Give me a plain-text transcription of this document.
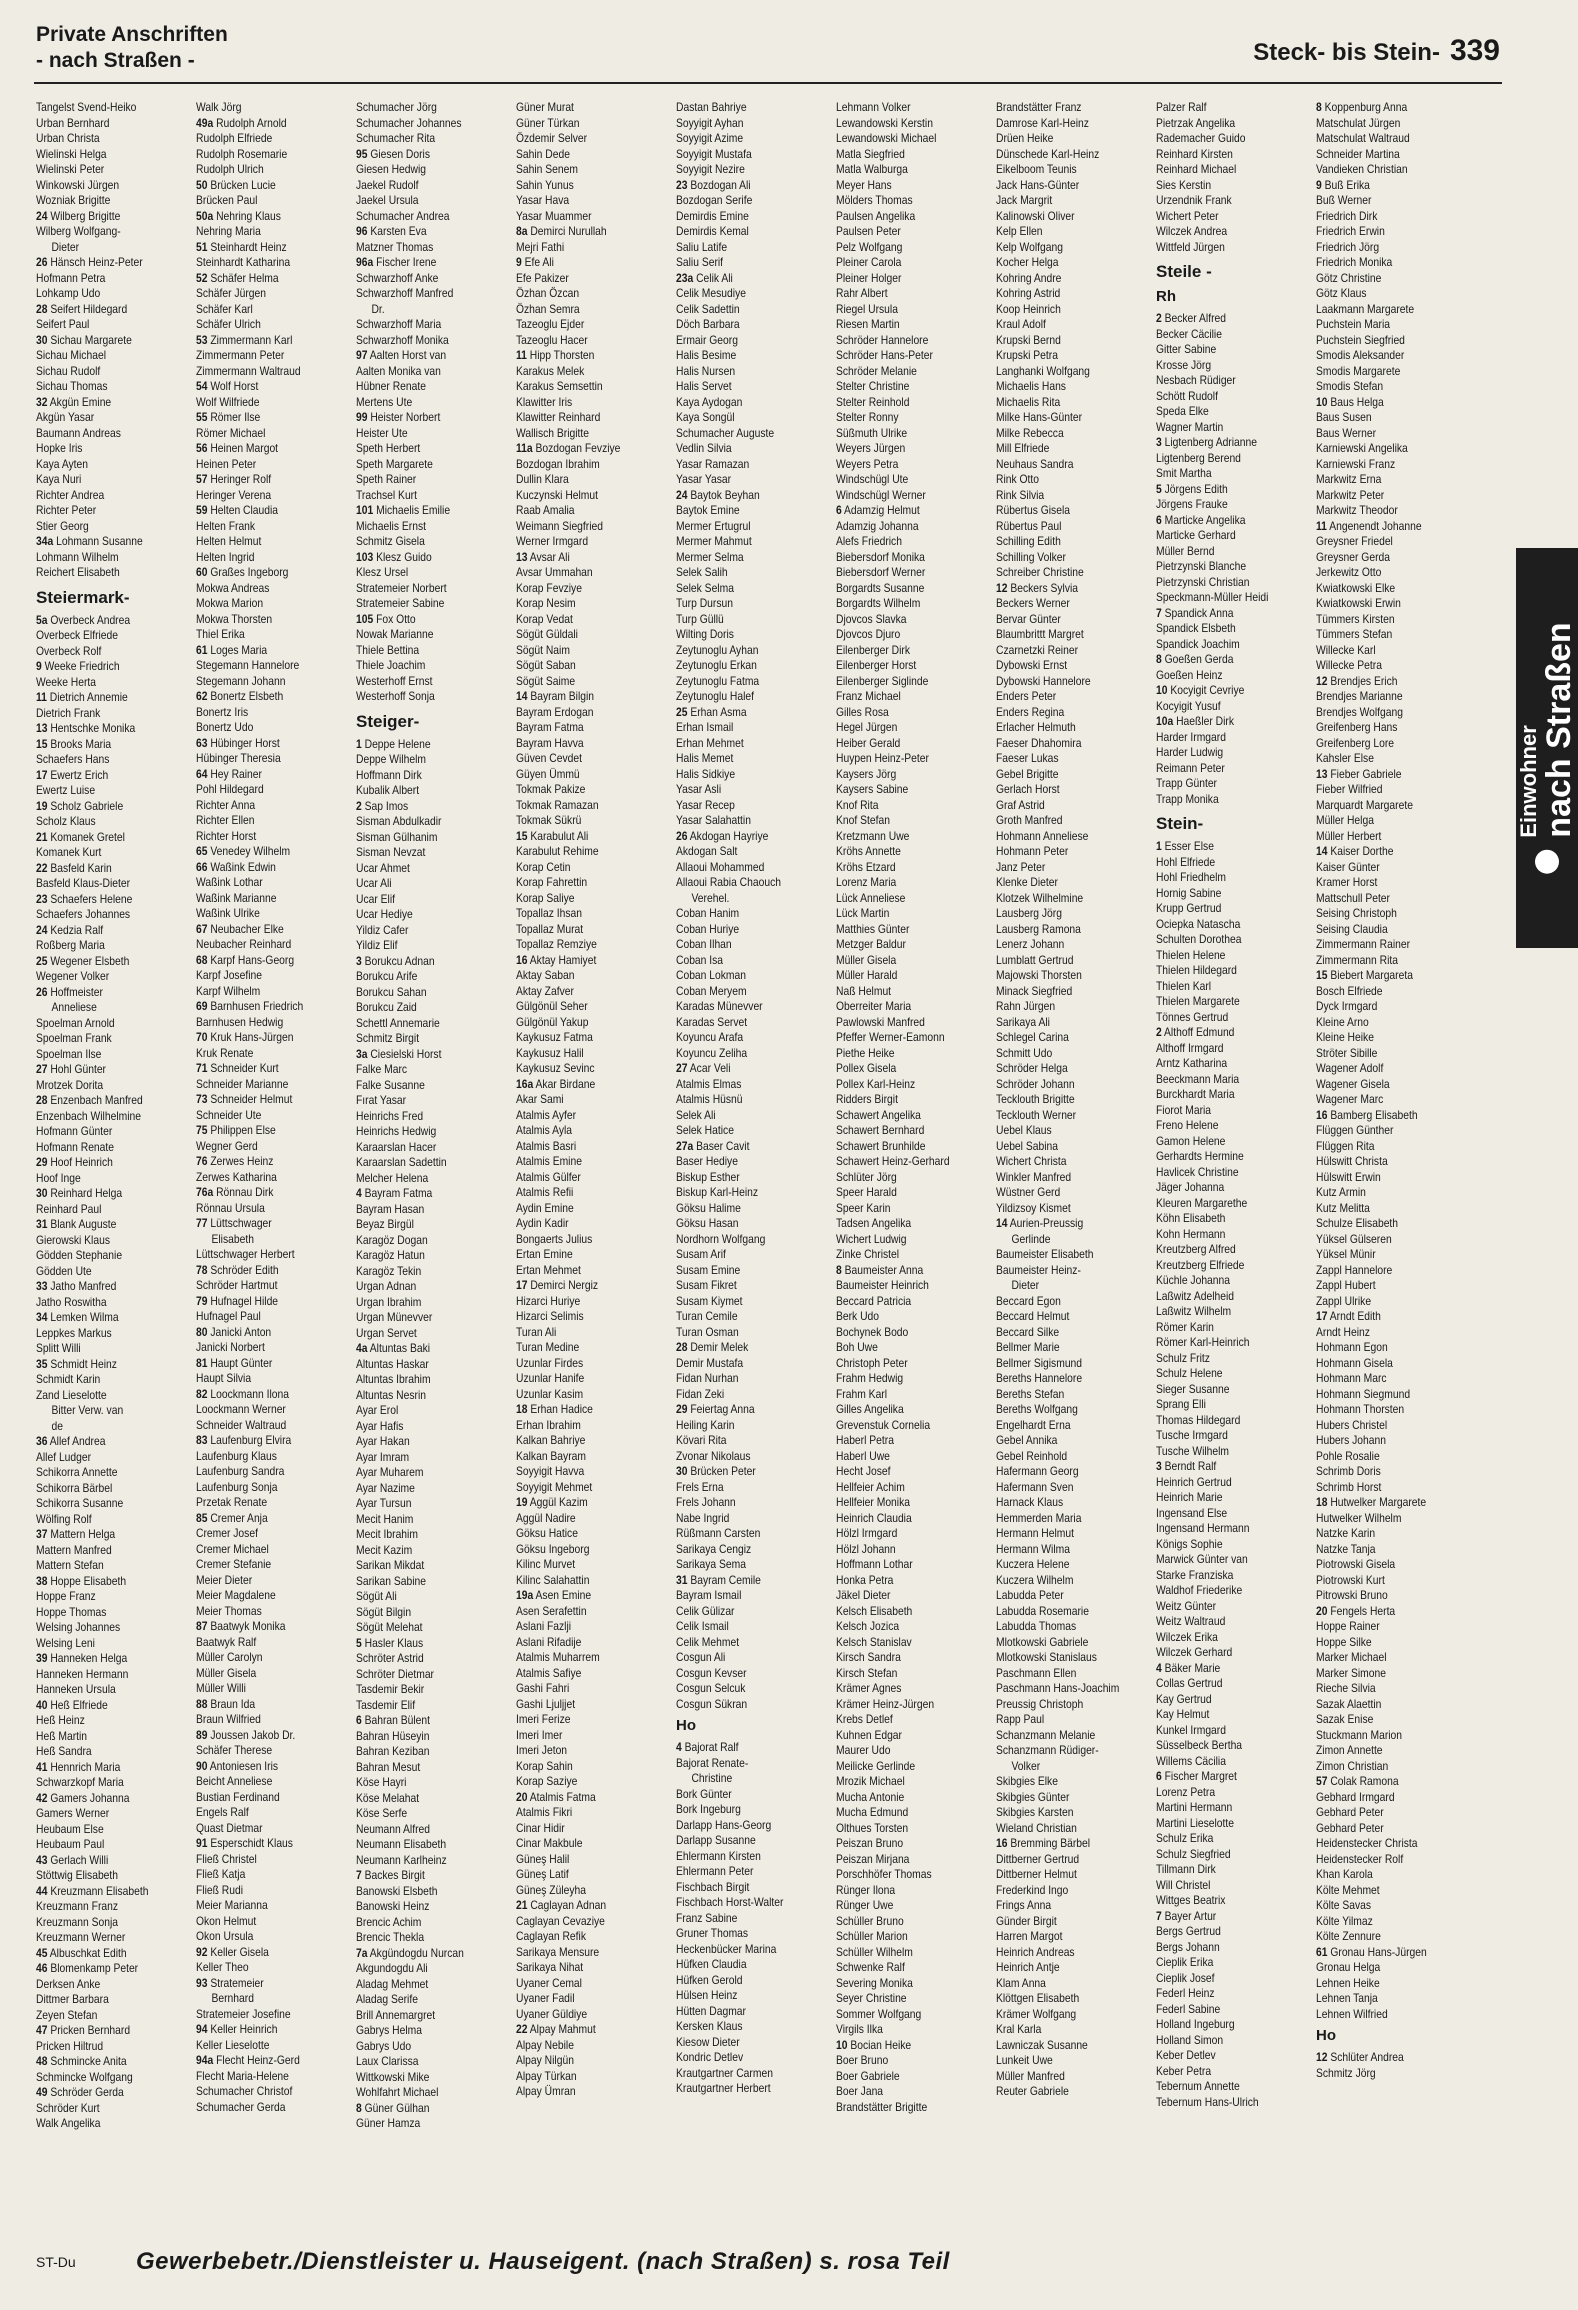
Private Anschriften
- nach Straßen -	Steck- bis Stein- 339
Tangelst Svend-Heiko
Urban Bernhard
Urban Christa
Wielinski Helga
Wielinski Peter
Winkowski Jürgen
Wozniak Brigitte
24 Wilberg Brigitte
Wilberg Wolfgang-
Dieter
26 Hänsch Heinz-Peter
Hofmann Petra
Lohkamp Udo
28 Seifert Hildegard
Seifert Paul
30 Sichau Margarete
Sichau Michael
Sichau Rudolf
Sichau Thomas
32 Akgün Emine
Akgün Yasar
Baumann Andreas
Hopke Iris
Kaya Ayten
Kaya Nuri
Richter Andrea
Richter Peter
Stier Georg
34a Lohmann Susanne
Lohmann Wilhelm
Reichert Elisabeth
Steiermark-
5a Overbeck Andrea
Overbeck Elfriede
Overbeck Rolf
9 Weeke Friedrich
Weeke Herta
11 Dietrich Annemie
Dietrich Frank
13 Hentschke Monika
15 Brooks Maria
Schaefers Hans
17 Ewertz Erich
Ewertz Luise
19 Scholz Gabriele
Scholz Klaus
21 Komanek Gretel
Komanek Kurt
22 Basfeld Karin
Basfeld Klaus-Dieter
23 Schaefers Helene
Schaefers Johannes
24 Kedzia Ralf
Roßberg Maria
25 Wegener Elsbeth
Wegener Volker
26 Hoffmeister
Anneliese
Spoelman Arnold
Spoelman Frank
Spoelman Ilse
27 Hohl Günter
Mrotzek Dorita
28 Enzenbach Manfred
Enzenbach Wilhelmine
Hofmann Günter
Hofmann Renate
29 Hoof Heinrich
Hoof Inge
30 Reinhard Helga
Reinhard Paul
31 Blank Auguste
Gierowski Klaus
Gödden Stephanie
Gödden Ute
33 Jatho Manfred
Jatho Roswitha
34 Lemken Wilma
Leppkes Markus
Splitt Willi
35 Schmidt Heinz
Schmidt Karin
Zand Lieselotte
Bitter Verw. van
de
36 Allef Andrea
Allef Ludger
Schikorra Annette
Schikorra Bärbel
Schikorra Susanne
Wölfing Rolf
37 Mattern Helga
Mattern Manfred
Mattern Stefan
38 Hoppe Elisabeth
Hoppe Franz
Hoppe Thomas
Welsing Johannes
Welsing Leni
39 Hanneken Helga
Hanneken Hermann
Hanneken Ursula
40 Heß Elfriede
Heß Heinz
Heß Martin
Heß Sandra
41 Hennrich Maria
Schwarzkopf Maria
42 Gamers Johanna
Gamers Werner
Heubaum Else
Heubaum Paul
43 Gerlach Willi
Stöttwig Elisabeth
44 Kreuzmann Elisabeth
Kreuzmann Franz
Kreuzmann Sonja
Kreuzmann Werner
45 Albuschkat Edith
46 Blomenkamp Peter
Derksen Anke
Dittmer Barbara
Zeyen Stefan
47 Pricken Bernhard
Pricken Hiltrud
48 Schmincke Anita
Schmincke Wolfgang
49 Schröder Gerda
Schröder Kurt
Walk Angelika
Walk Jörg
49a Rudolph Arnold
Rudolph Elfriede
Rudolph Rosemarie
Rudolph Ulrich
50 Brücken Lucie
Brücken Paul
50a Nehring Klaus
Nehring Maria
51 Steinhardt Heinz
Steinhardt Katharina
52 Schäfer Helma
Schäfer Jürgen
Schäfer Karl
Schäfer Ulrich
53 Zimmermann Karl
Zimmermann Peter
Zimmermann Waltraud
54 Wolf Horst
Wolf Wilfriede
55 Römer Ilse
Römer Michael
56 Heinen Margot
Heinen Peter
57 Heringer Rolf
Heringer Verena
59 Helten Claudia
Helten Frank
Helten Helmut
Helten Ingrid
60 Graßes Ingeborg
Mokwa Andreas
Mokwa Marion
Mokwa Thorsten
Thiel Erika
61 Loges Maria
Stegemann Hannelore
Stegemann Johann
62 Bonertz Elsbeth
Bonertz Iris
Bonertz Udo
63 Hübinger Horst
Hübinger Theresia
64 Hey Rainer
Pohl Hildegard
Richter Anna
Richter Ellen
Richter Horst
65 Venedey Wilhelm
66 Waßink Edwin
Waßink Lothar
Waßink Marianne
Waßink Ulrike
67 Neubacher Elke
Neubacher Reinhard
68 Karpf Hans-Georg
Karpf Josefine
Karpf Wilhelm
69 Barnhusen Friedrich
Barnhusen Hedwig
70 Kruk Hans-Jürgen
Kruk Renate
71 Schneider Kurt
Schneider Marianne
73 Schneider Helmut
Schneider Ute
75 Philippen Else
Wegner Gerd
76 Zerwes Heinz
Zerwes Katharina
76a Rönnau Dirk
Rönnau Ursula
77 Lüttschwager
Elisabeth
Lüttschwager Herbert
78 Schröder Edith
Schröder Hartmut
79 Hufnagel Hilde
Hufnagel Paul
80 Janicki Anton
Janicki Norbert
81 Haupt Günter
Haupt Silvia
82 Loockmann Ilona
Loockmann Werner
Schneider Waltraud
83 Laufenburg Elvira
Laufenburg Klaus
Laufenburg Sandra
Laufenburg Sonja
Przetak Renate
85 Cremer Anja
Cremer Josef
Cremer Michael
Cremer Stefanie
Meier Dieter
Meier Magdalene
Meier Thomas
87 Baatwyk Monika
Baatwyk Ralf
Müller Carolyn
Müller Gisela
Müller Willi
88 Braun Ida
Braun Wilfried
89 Joussen Jakob Dr.
Schäfer Therese
90 Antoniesen Iris
Beicht Anneliese
Bustian Ferdinand
Engels Ralf
Quast Dietmar
91 Esperschidt Klaus
Fließ Christel
Fließ Katja
Fließ Rudi
Meier Marianna
Okon Helmut
Okon Ursula
92 Keller Gisela
Keller Theo
93 Stratemeier
Bernhard
Stratemeier Josefine
94 Keller Heinrich
Keller Lieselotte
94a Flecht Heinz-Gerd
Flecht Maria-Helene
Schumacher Christof
Schumacher Gerda
Schumacher Jörg
Schumacher Johannes
Schumacher Rita
95 Giesen Doris
Giesen Hedwig
Jaekel Rudolf
Jaekel Ursula
Schumacher Andrea
96 Karsten Eva
Matzner Thomas
96a Fischer Irene
Schwarzhoff Anke
Schwarzhoff Manfred
Dr.
Schwarzhoff Maria
Schwarzhoff Monika
97 Aalten Horst van
Aalten Monika van
Hübner Renate
Mertens Ute
99 Heister Norbert
Heister Ute
Speth Herbert
Speth Margarete
Speth Rainer
Trachsel Kurt
101 Michaelis Emilie
Michaelis Ernst
Schmitz Gisela
103 Klesz Guido
Klesz Ursel
Stratemeier Norbert
Stratemeier Sabine
105 Fox Otto
Nowak Marianne
Thiele Bettina
Thiele Joachim
Westerhoff Ernst
Westerhoff Sonja
Steiger-
1 Deppe Helene
Deppe Wilhelm
Hoffmann Dirk
Kubalik Albert
2 Sap Imos
Sisman Abdulkadir
Sisman Gülhanim
Sisman Nevzat
Ucar Ahmet
Ucar Ali
Ucar Elif
Ucar Hediye
Yildiz Cafer
Yildiz Elif
3 Borukcu Adnan
Borukcu Arife
Borukcu Sahan
Borukcu Zaid
Schettl Annemarie
Schmitz Birgit
3a Ciesielski Horst
Falke Marc
Falke Susanne
Fırat Yasar
Heinrichs Fred
Heinrichs Hedwig
Karaarslan Hacer
Karaarslan Sadettin
Melcher Helena
4 Bayram Fatma
Bayram Hasan
Beyaz Birgül
Karagöz Dogan
Karagöz Hatun
Karagöz Tekin
Urgan Adnan
Urgan Ibrahim
Urgan Münevver
Urgan Servet
4a Altuntas Baki
Altuntas Haskar
Altuntas Ibrahim
Altuntas Nesrin
Ayar Erol
Ayar Hafis
Ayar Hakan
Ayar Imram
Ayar Muharem
Ayar Nazime
Ayar Tursun
Mecit Hanim
Mecit Ibrahim
Mecit Kazim
Sarikan Mikdat
Sarikan Sabine
Sögüt Ali
Sögüt Bilgin
Sögüt Melehat
5 Hasler Klaus
Schröter Astrid
Schröter Dietmar
Tasdemir Bekir
Tasdemir Elif
6 Bahran Bülent
Bahran Hüseyin
Bahran Keziban
Bahran Mesut
Köse Hayri
Köse Melahat
Köse Serfe
Neumann Alfred
Neumann Elisabeth
Neumann Karlheinz
7 Backes Birgit
Banowski Elsbeth
Banowski Heinz
Brencic Achim
Brencic Thekla
7a Akgündogdu Nurcan
Akgundogdu Ali
Aladag Mehmet
Aladag Serife
Brill Annemargret
Gabrys Helma
Gabrys Udo
Laux Clarissa
Wittkowski Mike
Wohlfahrt Michael
8 Güner Gülhan
Güner Hamza
Güner Murat
Güner Türkan
Özdemir Selver
Sahin Dede
Sahin Senem
Sahin Yunus
Yasar Hava
Yasar Muammer
8a Demirci Nurullah
Mejri Fathi
9 Efe Ali
Efe Pakizer
Özhan Özcan
Özhan Semra
Tazeoglu Ejder
Tazeoglu Hacer
11 Hipp Thorsten
Karakus Melek
Karakus Semsettin
Klawitter Iris
Klawitter Reinhard
Wallisch Brigitte
11a Bozdogan Fevziye
Bozdogan Ibrahim
Dullin Klara
Kuczynski Helmut
Raab Amalia
Weimann Siegfried
Werner Irmgard
13 Avsar Ali
Avsar Ummahan
Korap Fevziye
Korap Nesim
Korap Vedat
Sögüt Güldali
Sögüt Naim
Sögüt Saban
Sögüt Saime
14 Bayram Bilgin
Bayram Erdogan
Bayram Fatma
Bayram Havva
Güven Cevdet
Güyen Ümmü
Tokmak Pakize
Tokmak Ramazan
Tokmak Sükrü
15 Karabulut Ali
Karabulut Rehime
Korap Cetin
Korap Fahrettin
Korap Saliye
Topallaz Ihsan
Topallaz Murat
Topallaz Remziye
16 Aktay Hamiyet
Aktay Saban
Aktay Zafver
Gülgönül Seher
Gülgönül Yakup
Kaykusuz Fatma
Kaykusuz Halil
Kaykusuz Sevinc
16a Akar Birdane
Akar Sami
Atalmis Ayfer
Atalmis Ayla
Atalmis Basri
Atalmis Emine
Atalmis Gülfer
Atalmis Refii
Aydin Emine
Aydin Kadir
Bongaerts Julius
Ertan Emine
Ertan Mehmet
17 Demirci Nergiz
Hizarci Huriye
Hizarci Selimis
Turan Ali
Turan Medine
Uzunlar Firdes
Uzunlar Hanife
Uzunlar Kasim
18 Erhan Hadice
Erhan Ibrahim
Kalkan Bahriye
Kalkan Bayram
Soyyigit Havva
Soyyigit Mehmet
19 Aggül Kazim
Aggül Nadire
Göksu Hatice
Göksu Ingeborg
Kilinc Murvet
Kilinc Salahattin
19a Asen Emine
Asen Serafettin
Aslani Fazlji
Aslani Rifadije
Atalmis Muharrem
Atalmis Safiye
Gashi Fahri
Gashi Ljuljjet
Imeri Ferize
Imeri Imer
Imeri Jeton
Korap Sahin
Korap Saziye
20 Atalmis Fatma
Atalmis Fikri
Cinar Hidir
Cinar Makbule
Güneş Halil
Güneş Latif
Güneş Züleyha
21 Caglayan Adnan
Caglayan Cevaziye
Caglayan Refik
Sarikaya Mensure
Sarikaya Nihat
Uyaner Cemal
Uyaner Fadil
Uyaner Güldiye
22 Alpay Mahmut
Alpay Nebile
Alpay Nilgün
Alpay Türkan
Alpay Ümran
Dastan Bahriye
Soyyigit Ayhan
Soyyigit Azime
Soyyigit Mustafa
Soyyigit Nezire
23 Bozdogan Ali
Bozdogan Serife
Demirdis Emine
Demirdis Kemal
Saliu Latife
Saliu Serif
23a Celik Ali
Celik Mesudiye
Celik Sadettin
Döch Barbara
Ermair Georg
Halis Besime
Halis Nursen
Halis Servet
Kaya Aydogan
Kaya Songül
Schumacher Auguste
Vedlin Silvia
Yasar Ramazan
Yasar Yasar
24 Baytok Beyhan
Baytok Emine
Mermer Ertugrul
Mermer Mahmut
Mermer Selma
Selek Salih
Selek Selma
Turp Dursun
Turp Güllü
Wilting Doris
Zeytunoglu Ayhan
Zeytunoglu Erkan
Zeytunoglu Fatma
Zeytunoglu Halef
25 Erhan Asma
Erhan Ismail
Erhan Mehmet
Halis Memet
Halis Sidkiye
Yasar Asli
Yasar Recep
Yasar Salahattin
26 Akdogan Hayriye
Akdogan Salt
Allaoui Mohammed
Allaoui Rabia Chaouch
Verehel.
Coban Hanim
Coban Huriye
Coban Ilhan
Coban Isa
Coban Lokman
Coban Meryem
Karadas Münevver
Karadas Servet
Koyuncu Arafa
Koyuncu Zeliha
27 Acar Veli
Atalmis Elmas
Atalmis Hüsnü
Selek Ali
Selek Hatice
27a Baser Cavit
Baser Hediye
Biskup Esther
Biskup Karl-Heinz
Göksu Halime
Göksu Hasan
Nordhorn Wolfgang
Susam Arif
Susam Emine
Susam Fikret
Susam Kiymet
Turan Cemile
Turan Osman
28 Demir Melek
Demir Mustafa
Fidan Nurhan
Fidan Zeki
29 Feiertag Anna
Heiling Karin
Kövari Rita
Zvonar Nikolaus
30 Brücken Peter
Frels Erna
Frels Johann
Nabe Ingrid
Rüßmann Carsten
Sarikaya Cengiz
Sarikaya Sema
31 Bayram Cemile
Bayram Ismail
Celik Gülizar
Celik Ismail
Celik Mehmet
Cosgun Ali
Cosgun Kevser
Cosgun Selcuk
Cosgun Sükran
Ho
4 Bajorat Ralf
Bajorat Renate-
Christine
Bork Günter
Bork Ingeburg
Darlapp Hans-Georg
Darlapp Susanne
Ehlermann Kirsten
Ehlermann Peter
Fischbach Birgit
Fischbach Horst-Walter
Franz Sabine
Gruner Thomas
Heckenbücker Marina
Hüfken Claudia
Hüfken Gerold
Hülsen Heinz
Hütten Dagmar
Kersken Klaus
Kiesow Dieter
Kondric Detlev
Krautgartner Carmen
Krautgartner Herbert
Lehmann Volker
Lewandowski Kerstin
Lewandowski Michael
Matla Siegfried
Matla Walburga
Meyer Hans
Mölders Thomas
Paulsen Angelika
Paulsen Peter
Pelz Wolfgang
Pleiner Carola
Pleiner Holger
Rahr Albert
Riegel Ursula
Riesen Martin
Schröder Hannelore
Schröder Hans-Peter
Schröder Melanie
Stelter Christine
Stelter Reinhold
Stelter Ronny
Süßmuth Ulrike
Weyers Jürgen
Weyers Petra
Windschügl Ute
Windschügl Werner
6 Adamzig Helmut
Adamzig Johanna
Alefs Friedrich
Biebersdorf Monika
Biebersdorf Werner
Borgardts Susanne
Borgardts Wilhelm
Djovcos Slavka
Djovcos Djuro
Eilenberger Dirk
Eilenberger Horst
Eilenberger Siglinde
Franz Michael
Gilles Rosa
Hegel Jürgen
Heiber Gerald
Huypen Heinz-Peter
Kaysers Jörg
Kaysers Sabine
Knof Rita
Knof Stefan
Kretzmann Uwe
Kröhs Annette
Kröhs Etzard
Lorenz Maria
Lück Anneliese
Lück Martin
Matthies Günter
Metzger Baldur
Müller Gisela
Müller Harald
Naß Helmut
Oberreiter Maria
Pawlowski Manfred
Pfeffer Werner-Eamonn
Piethe Heike
Pollex Gisela
Pollex Karl-Heinz
Ridders Birgit
Schawert Angelika
Schawert Bernhard
Schawert Brunhilde
Schawert Heinz-Gerhard
Schlüter Jörg
Speer Harald
Speer Karin
Tadsen Angelika
Wichert Ludwig
Zinke Christel
8 Baumeister Anna
Baumeister Heinrich
Beccard Patricia
Berk Udo
Bochynek Bodo
Boh Uwe
Christoph Peter
Frahm Hedwig
Frahm Karl
Gilles Angelika
Grevenstuk Cornelia
Haberl Petra
Haberl Uwe
Hecht Josef
Hellfeier Achim
Hellfeier Monika
Heinrich Claudia
Hölzl Irmgard
Hölzl Johann
Hoffmann Lothar
Honka Petra
Jäkel Dieter
Kelsch Elisabeth
Kelsch Jozica
Kelsch Stanislav
Kirsch Sandra
Kirsch Stefan
Krämer Agnes
Krämer Heinz-Jürgen
Krebs Detlef
Kuhnen Edgar
Maurer Udo
Meilicke Gerlinde
Mrozik Michael
Mucha Antonie
Mucha Edmund
Olthues Torsten
Peiszan Bruno
Peiszan Mirjana
Porschhöfer Thomas
Rünger Ilona
Rünger Uwe
Schüller Bruno
Schüller Marion
Schüller Wilhelm
Schwenke Ralf
Severing Monika
Seyer Christine
Sommer Wolfgang
Virgils Ilka
10 Bocian Heike
Boer Bruno
Boer Gabriele
Boer Jana
Brandstätter Brigitte
Brandstätter Franz
Damrose Karl-Heinz
Drüen Heike
Dünschede Karl-Heinz
Eikelboom Teunis
Jack Hans-Günter
Jack Margrit
Kalinowski Oliver
Kelp Ellen
Kelp Wolfgang
Kocher Helga
Kohring Andre
Kohring Astrid
Koop Heinrich
Kraul Adolf
Krupski Bernd
Krupski Petra
Langhanki Wolfgang
Michaelis Hans
Michaelis Rita
Milke Hans-Günter
Milke Rebecca
Mill Elfriede
Neuhaus Sandra
Rink Otto
Rink Silvia
Rübertus Gisela
Rübertus Paul
Schilling Edith
Schilling Volker
Schreiber Christine
12 Beckers Sylvia
Beckers Werner
Bervar Günter
Blaumbrittt Margret
Czarnetzki Reiner
Dybowski Ernst
Dybowski Hannelore
Enders Peter
Enders Regina
Erlacher Helmuth
Faeser Dhahomira
Faeser Lukas
Gebel Brigitte
Gerlach Horst
Graf Astrid
Groth Manfred
Hohmann Anneliese
Hohmann Peter
Janz Peter
Klenke Dieter
Klotzek Wilhelmine
Lausberg Jörg
Lausberg Ramona
Lenerz Johann
Lumblatt Gertrud
Majowski Thorsten
Minack Siegfried
Rahn Jürgen
Sarikaya Ali
Schlegel Carina
Schmitt Udo
Schröder Helga
Schröder Johann
Tecklouth Brigitte
Tecklouth Werner
Uebel Klaus
Uebel Sabina
Wichert Christa
Winkler Manfred
Wüstner Gerd
Yildizsoy Kismet
14 Aurien-Preussig
Gerlinde
Baumeister Elisabeth
Baumeister Heinz-
Dieter
Beccard Egon
Beccard Helmut
Beccard Silke
Bellmer Marie
Bellmer Sigismund
Bereths Hannelore
Bereths Stefan
Bereths Wolfgang
Engelhardt Erna
Gebel Annika
Gebel Reinhold
Hafermann Georg
Hafermann Sven
Harnack Klaus
Hemmerden Maria
Hermann Helmut
Hermann Wilma
Kuczera Helene
Kuczera Wilhelm
Labudda Peter
Labudda Rosemarie
Labudda Thomas
Mlotkowski Gabriele
Mlotkowski Stanislaus
Paschmann Ellen
Paschmann Hans-Joachim
Preussig Christoph
Rapp Paul
Schanzmann Melanie
Schanzmann Rüdiger-
Volker
Skibgies Elke
Skibgies Günter
Skibgies Karsten
Wieland Christian
16 Bremming Bärbel
Dittberner Gertrud
Dittberner Helmut
Frederkind Ingo
Frings Anna
Günder Birgit
Harren Margot
Heinrich Andreas
Heinrich Antje
Klam Anna
Klöttgen Elisabeth
Krämer Wolfgang
Kral Karla
Lawniczak Susanne
Lunkeit Uwe
Müller Manfred
Reuter Gabriele
Palzer Ralf
Pietrzak Angelika
Rademacher Guido
Reinhard Kirsten
Reinhard Michael
Sies Kerstin
Urzendnik Frank
Wichert Peter
Wilczek Andrea
Wittfeld Jürgen
Steile -
Rh
2 Becker Alfred
Becker Cäcilie
Gitter Sabine
Krosse Jörg
Nesbach Rüdiger
Schött Rudolf
Speda Elke
Wagner Martin
3 Ligtenberg Adrianne
Ligtenberg Berend
Smit Martha
5 Jörgens Edith
Jörgens Frauke
6 Marticke Angelika
Marticke Gerhard
Müller Bernd
Pietrzynski Blanche
Pietrzynski Christian
Speckmann-Müller Heidi
7 Spandick Anna
Spandick Elsbeth
Spandick Joachim
8 Goeßen Gerda
Goeßen Heinz
10 Kocyigit Cevriye
Kocyigit Yusuf
10a Haeßler Dirk
Harder Irmgard
Harder Ludwig
Reimann Peter
Trapp Günter
Trapp Monika
Stein-
1 Esser Else
Hohl Elfriede
Hohl Friedhelm
Hornig Sabine
Krupp Gertrud
Ociepka Natascha
Schulten Dorothea
Thielen Helene
Thielen Hildegard
Thielen Karl
Thielen Margarete
Tönnes Gertrud
2 Althoff Edmund
Althoff Irmgard
Arntz Katharina
Beeckmann Maria
Burckhardt Maria
Fiorot Maria
Freno Helene
Gamon Helene
Gerhardts Hermine
Havlicek Christine
Jäger Johanna
Kleuren Margarethe
Köhn Elisabeth
Kohn Hermann
Kreutzberg Alfred
Kreutzberg Elfriede
Küchle Johanna
Laßwitz Adelheid
Laßwitz Wilhelm
Römer Karin
Römer Karl-Heinrich
Schulz Fritz
Schulz Helene
Sieger Susanne
Sprang Elli
Thomas Hildegard
Tusche Irmgard
Tusche Wilhelm
3 Berndt Ralf
Heinrich Gertrud
Heinrich Marie
Ingensand Else
Ingensand Hermann
Königs Sophie
Marwick Günter van
Starke Franziska
Waldhof Friederike
Weitz Günter
Weitz Waltraud
Wilczek Erika
Wilczek Gerhard
4 Bäker Marie
Collas Gertrud
Kay Gertrud
Kay Helmut
Kunkel Irmgard
Süsselbeck Bertha
Willems Cäcilia
6 Fischer Margret
Lorenz Petra
Martini Hermann
Martini Lieselotte
Schulz Erika
Schulz Siegfried
Tillmann Dirk
Will Christel
Wittges Beatrix
7 Bayer Artur
Bergs Gertrud
Bergs Johann
Cieplik Erika
Cieplik Josef
Federl Heinz
Federl Sabine
Holland Ingeburg
Holland Simon
Keber Detlev
Keber Petra
Tebernum Annette
Tebernum Hans-Ulrich
8 Koppenburg Anna
Matschulat Jürgen
Matschulat Waltraud
Schneider Martina
Vandieken Christian
9 Buß Erika
Buß Werner
Friedrich Dirk
Friedrich Erwin
Friedrich Jörg
Friedrich Monika
Götz Christine
Götz Klaus
Laakmann Margarete
Puchstein Maria
Puchstein Siegfried
Smodis Aleksander
Smodis Margarete
Smodis Stefan
10 Baus Helga
Baus Susen
Baus Werner
Karniewski Angelika
Karniewski Franz
Markwitz Erna
Markwitz Peter
Markwitz Theodor
11 Angenendt Johanne
Greysner Friedel
Greysner Gerda
Jerkewitz Otto
Kwiatkowski Elke
Kwiatkowski Erwin
Tümmers Kirsten
Tümmers Stefan
Willecke Karl
Willecke Petra
12 Brendjes Erich
Brendjes Marianne
Brendjes Wolfgang
Greifenberg Hans
Greifenberg Lore
Kahsler Else
13 Fieber Gabriele
Fieber Wilfried
Marquardt Margarete
Müller Helga
Müller Herbert
14 Kaiser Dorthe
Kaiser Günter
Kramer Horst
Mattschull Peter
Seising Christoph
Seising Claudia
Zimmermann Rainer
Zimmermann Rita
15 Biebert Margareta
Bosch Elfriede
Dyck Irmgard
Kleine Arno
Kleine Heike
Ströter Sibille
Wagener Adolf
Wagener Gisela
Wagener Marc
16 Bamberg Elisabeth
Flüggen Günther
Flüggen Rita
Hülswitt Christa
Hülswitt Erwin
Kutz Armin
Kutz Melitta
Schulze Elisabeth
Yüksel Gülseren
Yüksel Münir
Zappl Hannelore
Zappl Hubert
Zappl Ulrike
17 Arndt Edith
Arndt Heinz
Hohmann Egon
Hohmann Gisela
Hohmann Marc
Hohmann Siegmund
Hohmann Thorsten
Hubers Christel
Hubers Johann
Pohle Rosalie
Schrimb Doris
Schrimb Horst
18 Hutwelker Margarete
Hutwelker Wilhelm
Natzke Karin
Natzke Tanja
Piotrowski Gisela
Piotrowski Kurt
Pitrowski Bruno
20 Fengels Herta
Hoppe Rainer
Hoppe Silke
Marker Michael
Marker Simone
Rieche Silvia
Sazak Alaettin
Sazak Enise
Stuckmann Marion
Zimon Annette
Zimon Christian
57 Colak Ramona
Gebhard Irmgard
Gebhard Peter
Gebhard Peter
Heidenstecker Christa
Heidenstecker Rolf
Khan Karola
Költe Mehmet
Költe Savas
Költe Yilmaz
Költe Zennure
61 Gronau Hans-Jürgen
Gronau Helga
Lehnen Heike
Lehnen Tanja
Lehnen Wilfried
Ho
12 Schlüter Andrea
Schmitz Jörg
Einwohner nach Straßen
ST-Du	Gewerbebetr./Dienstleister u. Hauseigent. (nach Straßen) s. rosa Teil
